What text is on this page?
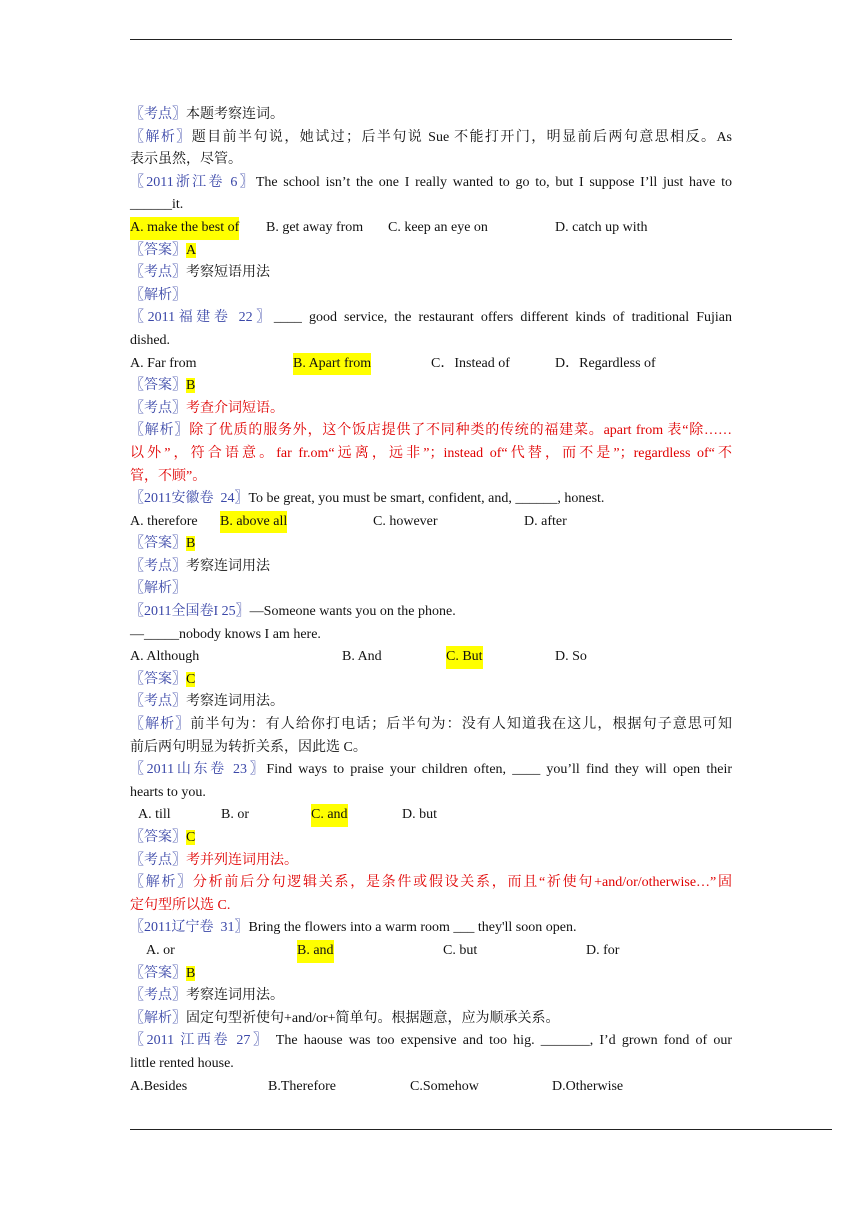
〖考点〗本题考察连词。
〖解析〗题目前半句说，她试过；后半句说 Sue 不能打开门，明显前后两句意思相反。As
表示虽然，尽管。
〖2011浙江卷 6〗The school isn’t the one I really wanted to go to, but I suppose I’ll just have to
______it.

A. make the best of

B. get away from

C. keep an eye on

	D. catch up with

〖答案〗A
〖考点〗考察短语用法
〖解析〗
〖2011福建卷 22〗____ good service, the restaurant offers different kinds of traditional Fujian
dished.

A. Far from

	B. Apart from

	C．Instead of

	D．Regardless of

〖答案〗B
〖考点〗考查介词短语。
〖解析〗除了优质的服务外，这个饭店提供了不同种类的传统的福建菜。apart from 表“除……
以外”，符合语意。far fr.om“远离，远非”；instead of“代替，而不是”；regardless of“不
管，不顾”。
〖2011安徽卷  24〗To be great, you must be smart, confident, and, ______, honest.

A. therefore

B. above all

	C. however

	D. after

〖答案〗B
〖考点〗考察连词用法
〖解析〗
〖2011全国卷I 25〗—Someone wants you on the phone.
—_____nobody knows I am here.

A. Although

	B. And

	C. But

	D. So

〖答案〗C
〖考点〗考察连词用法。
〖解析〗前半句为：有人给你打电话；后半句为：没有人知道我在这儿，根据句子意思可知
前后两句明显为转折关系，因此选 C。
〖2011山东卷 23〗Find ways to praise your children often, ____ you’ll find they will open their
hearts to you.

A. till

	B. or

	C. and

	D. but

〖答案〗C
〖考点〗考并列连词用法。
〖解析〗分析前后分句逻辑关系，是条件或假设关系，而且“祈使句+and/or/otherwise…”固
定句型所以选 C.
〖2011辽宁卷  31〗Bring the flowers into a warm room ___ they'll soon open.

A. or

	B. and

	C. but

	D. for

〖答案〗B
〖考点〗考察连词用法。
〖解析〗固定句型祈使句+and/or+简单句。根据题意，应为顺承关系。
〖2011 江西卷 27〗 The haouse was too expensive and too hig. _______, I’d grown fond of our
little rented house.

A.Besides

	B.Therefore

	C.Somehow

	D.Otherwise
